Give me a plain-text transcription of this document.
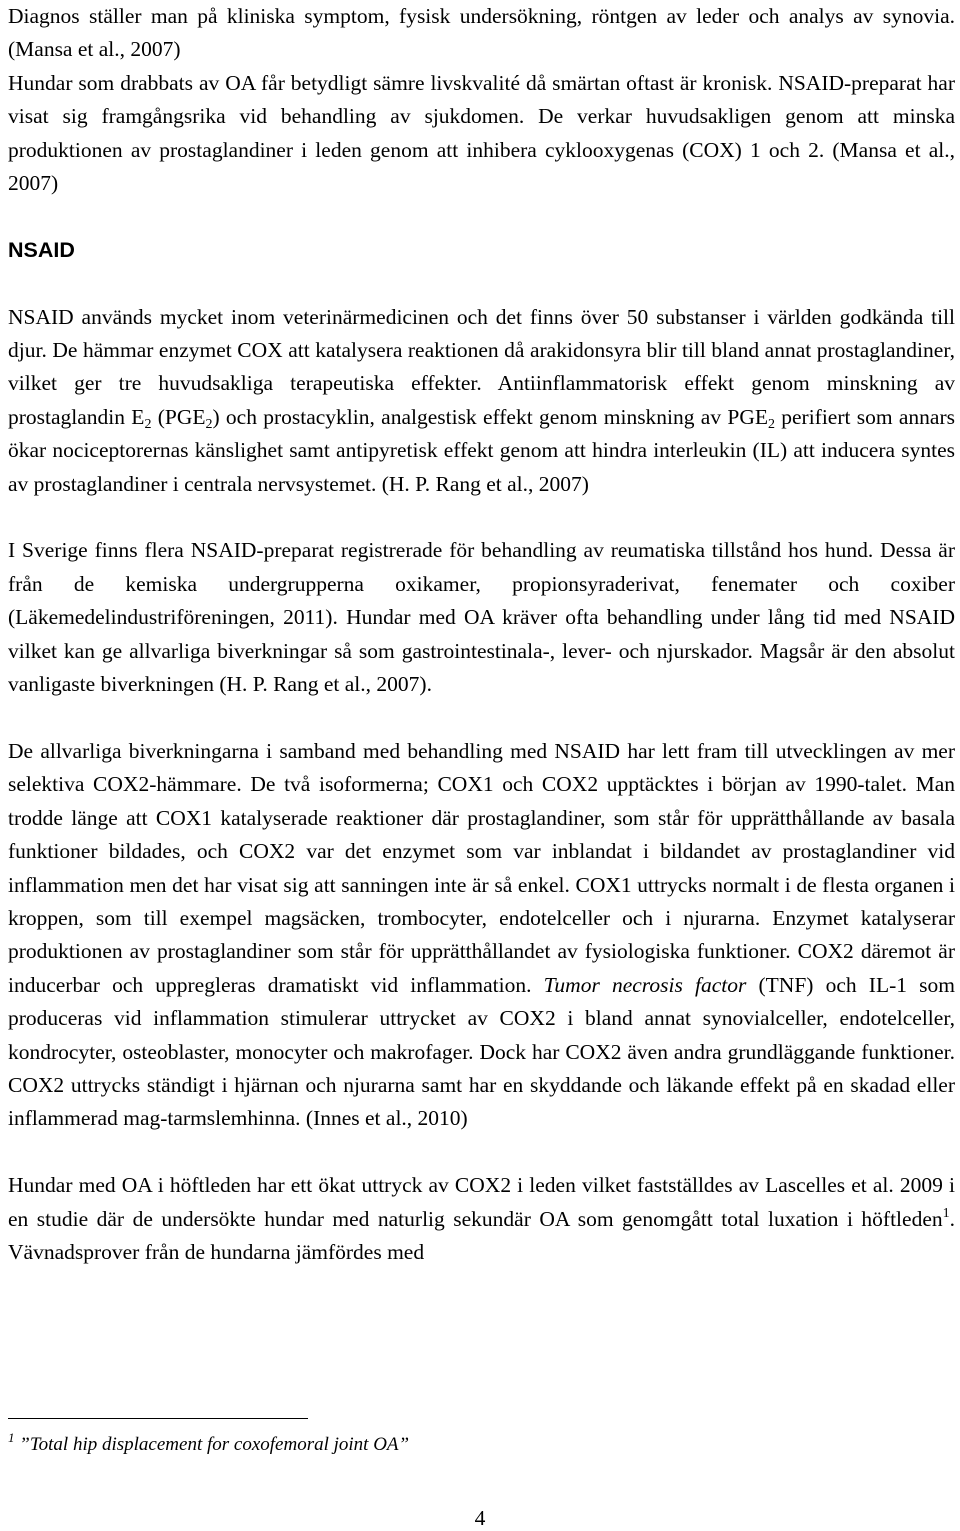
Diagnos ställer man på kliniska symptom, fysisk undersökning, röntgen av leder och analys av synovia. (Mansa et al., 2007)
Hundar som drabbats av OA får betydligt sämre livskvalité då smärtan oftast är kronisk. NSAID-preparat har visat sig framgångsrika vid behandling av sjukdomen. De verkar huvudsakligen genom att minska produktionen av prostaglandiner i leden genom att inhibera cyklooxygenas (COX) 1 och 2. (Mansa et al., 2007)

NSAID

NSAID används mycket inom veterinärmedicinen och det finns över 50 substanser i världen godkända till djur. De hämmar enzymet COX att katalysera reaktionen då arakidonsyra blir till bland annat prostaglandiner, vilket ger tre huvudsakliga terapeutiska effekter. Antiinflammatorisk effekt genom minskning av prostaglandin $E_2$ $(PGE_2)$ och prostacyklin, analgestisk effekt genom minskning av $PGE_2$ perifiert som annars ökar nociceptorernas känslighet samt antipyretisk effekt genom att hindra interleukin (IL) att inducera syntes av prostaglandiner i centrala nervsystemet. (H. P. Rang et al., 2007)

I Sverige finns flera NSAID-preparat registrerade för behandling av reumatiska tillstånd hos hund. Dessa är från de kemiska undergrupperna oxikamer, propionsyraderivat, fenemater och coxiber (Läkemedelindustriföreningen, 2011). Hundar med OA kräver ofta behandling under lång tid med NSAID vilket kan ge allvarliga biverkningar så som gastrointestinala-, lever- och njurskador. Magsår är den absolut vanligaste biverkningen (H. P. Rang et al., 2007).

De allvarliga biverkningarna i samband med behandling med NSAID har lett fram till utvecklingen av mer selektiva COX2-hämmare. De två isoformerna; COX1 och COX2 upptäcktes i början av 1990-talet. Man trodde länge att COX1 katalyserade reaktioner där prostaglandiner, som står för upprätthållande av basala funktioner bildades, och COX2 var det enzymet som var inblandat i bildandet av prostaglandiner vid inflammation men det har visat sig att sanningen inte är så enkel. COX1 uttrycks normalt i de flesta organen i kroppen, som till exempel magsäcken, trombocyter, endotelceller och i njurarna. Enzymet katalyserar produktionen av prostaglandiner som står för upprätthållandet av fysiologiska funktioner. COX2 däremot är inducerbar och uppregleras dramatiskt vid inflammation. Tumor necrosis factor (TNF) och IL-1 som produceras vid inflammation stimulerar uttrycket av COX2 i bland annat synovialceller, endotelceller, kondrocyter, osteoblaster, monocyter och makrofager. Dock har COX2 även andra grundläggande funktioner. COX2 uttrycks ständigt i hjärnan och njurarna samt har en skyddande och läkande effekt på en skadad eller inflammerad mag-tarmslemhinna. (Innes et al., 2010)

Hundar med OA i höftleden har ett ökat uttryck av COX2 i leden vilket fastställdes av Lascelles et al. 2009 i en studie där de undersökte hundar med naturlig sekundär OA som genomgått total luxation i höftleden$^1$. Vävnadsprover från de hundarna jämfördes med

$^1$ ”Total hip displacement for coxofemoral joint OA”
4
